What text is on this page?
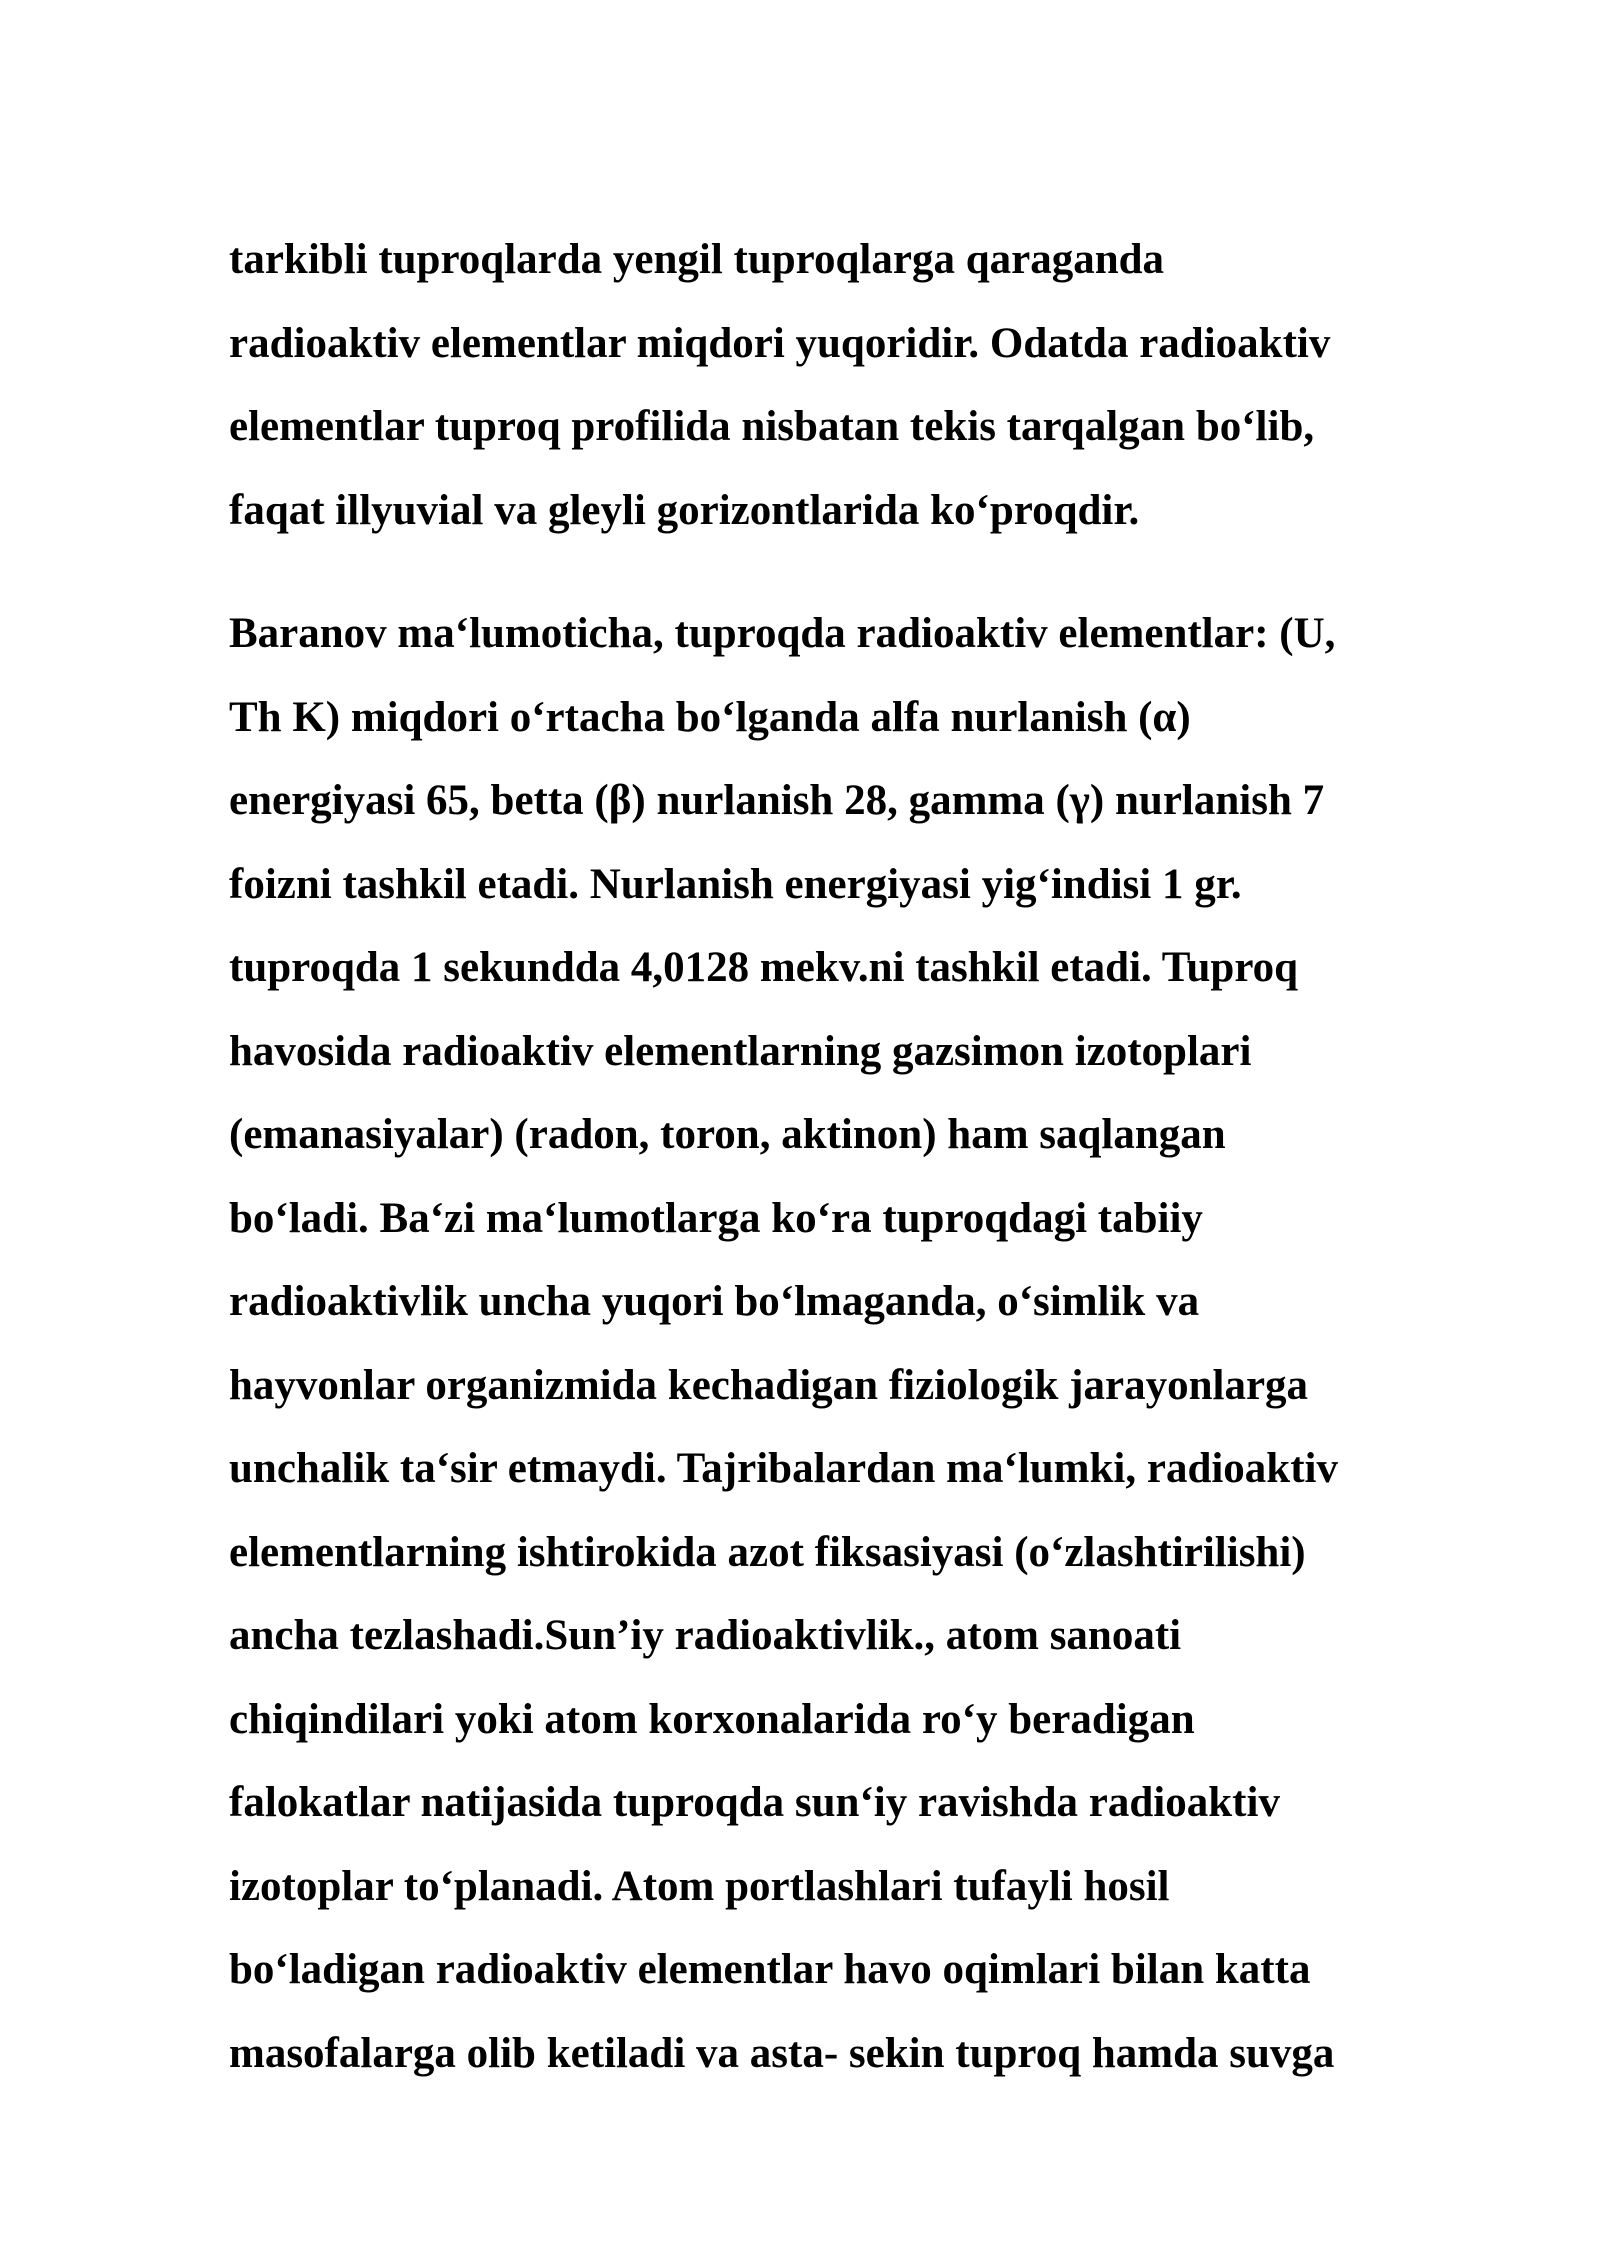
tarkibli tuproqlarda yengil tuproqlarga qaraganda
radioaktiv elementlar miqdori yuqoridir. Odatda radioaktiv
elementlar tuproq profilida nisbatan tekis tarqalgan bo‘lib,
faqat illyuvial va gleyli gorizontlarida ko‘proqdir.
Baranov ma‘lumoticha, tuproqda radioaktiv elementlar: (U,
Th K) miqdori o‘rtacha bo‘lganda alfa nurlanish (α)
energiyasi 65, betta (β) nurlanish 28, gamma (γ) nurlanish 7
foizni tashkil etadi. Nurlanish energiyasi yig‘indisi 1 gr.
tuproqda 1 sekundda 4,0128 mekv.ni tashkil etadi. Tuproq
havosida radioaktiv elementlarning gazsimon izotoplari
(emanasiyalar) (radon, toron, aktinon) ham saqlangan
bo‘ladi. Ba‘zi ma‘lumotlarga ko‘ra tuproqdagi tabiiy
radioaktivlik uncha yuqori bo‘lmaganda, o‘simlik va
hayvonlar organizmida kechadigan fiziologik jarayonlarga
unchalik ta‘sir etmaydi. Tajribalardan ma‘lumki, radioaktiv
elementlarning ishtirokida azot fiksasiyasi (o‘zlashtirilishi)
ancha tezlashadi.Sun’iy radioaktivlik., atom sanoati
chiqindilari yoki atom korxonalarida ro‘y beradigan
falokatlar natijasida tuproqda sun‘iy ravishda radioaktiv
izotoplar to‘planadi. Atom portlashlari tufayli hosil
bo‘ladigan radioaktiv elementlar havo oqimlari bilan katta
masofalarga olib ketiladi va asta- sekin tuproq hamda suvga
